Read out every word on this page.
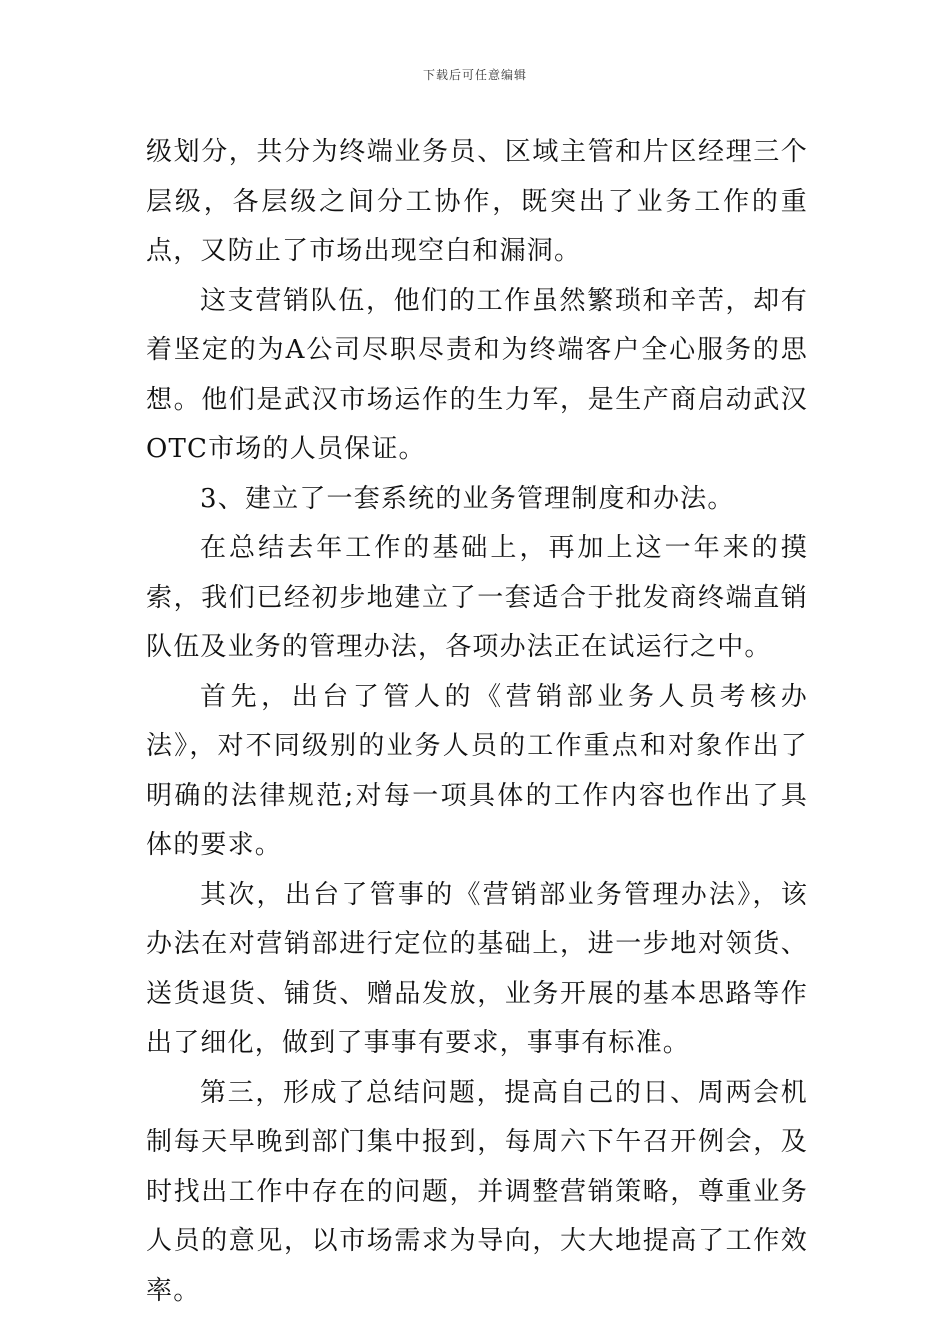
下载后可任意编辑

级划分，共分为终端业务员、区域主管和片区经理三个层级，各层级之间分工协作，既突出了业务工作的重点，又防止了市场出现空白和漏洞。

这支营销队伍，他们的工作虽然繁琐和辛苦，却有着坚定的为A公司尽职尽责和为终端客户全心服务的思想。他们是武汉市场运作的生力军，是生产商启动武汉OTC市场的人员保证。

3、建立了一套系统的业务管理制度和办法。

在总结去年工作的基础上，再加上这一年来的摸索，我们已经初步地建立了一套适合于批发商终端直销队伍及业务的管理办法，各项办法正在试运行之中。

首先，出台了管人的《营销部业务人员考核办法》，对不同级别的业务人员的工作重点和对象作出了明确的法律规范;对每一项具体的工作内容也作出了具体的要求。

其次，出台了管事的《营销部业务管理办法》，该办法在对营销部进行定位的基础上，进一步地对领货、送货退货、铺货、赠品发放，业务开展的基本思路等作出了细化，做到了事事有要求，事事有标准。

第三，形成了总结问题，提高自己的日、周两会机制每天早晚到部门集中报到，每周六下午召开例会，及时找出工作中存在的问题，并调整营销策略，尊重业务人员的意见，以市场需求为导向，大大地提高了工作效率。
